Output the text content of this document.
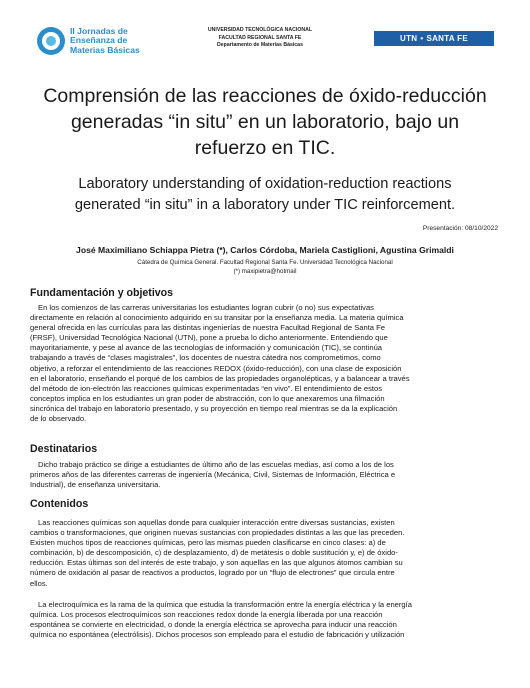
II Jornadas de
Enseñanza de
Materias Básicas
UNIVERSIDAD TECNOLÓGICA NACIONAL
FACULTAD REGIONAL SANTA FE
Departamento de Materias Básicas
UTN • SANTA FE
Comprensión de las reacciones de óxido-reducción
generadas “in situ” en un laboratorio, bajo un
refuerzo en TIC.
Laboratory understanding of oxidation-reduction reactions
generated “in situ” in a laboratory under TIC reinforcement.
Presentación: 08/10/2022
José Maximiliano Schiappa Pietra (*), Carlos Córdoba, Mariela Castiglioni, Agustina Grimaldi
Cátedra de Química General. Facultad Regional Santa Fe. Universidad Tecnológica Nacional
(*) maxipietra@hotmail
Fundamentación y objetivos
En los comienzos de las carreras universitarias los estudiantes logran cubrir (o no) sus expectativas
directamente en relación al conocimiento adquirido en su transitar por la enseñanza media. La materia química
general ofrecida en las currículas para las distintas ingenierías de nuestra Facultad Regional de Santa Fe
(FRSF), Universidad Tecnológica Nacional (UTN), pone a prueba lo dicho anteriormente. Entendiendo que
mayoritariamente, y pese al avance de las tecnologías de información y comunicación (TIC), se continúa
trabajando a través de “clases magistrales”, los docentes de nuestra cátedra nos comprometimos, como
objetivo, a reforzar el entendimiento de las reacciones REDOX (óxido-reducción), con una clase de exposición
en el laboratorio, enseñando el porqué de los cambios de las propiedades organolépticas, y a balancear a través
del método de ion-electrón las reacciones químicas experimentadas “en vivo”. El entendimiento de estos
conceptos implica en los estudiantes un gran poder de abstracción, con lo que anexaremos una filmación
sincrónica del trabajo en laboratorio presentado, y su proyección en tiempo real mientras se da la explicación
de lo observado.
Destinatarios
Dicho trabajo práctico se dirige a estudiantes de último año de las escuelas medias, así como a los de los
primeros años de las diferentes carreras de ingeniería (Mecánica, Civil, Sistemas de Información, Eléctrica e
Industrial), de enseñanza universitaria.
Contenidos
Las reacciones químicas son aquellas donde para cualquier interacción entre diversas sustancias, existen
cambios o transformaciones, que originen nuevas sustancias con propiedades distintas a las que las preceden.
Existen muchos tipos de reacciones químicas, pero las mismas pueden clasificarse en cinco clases: a) de
combinación, b) de descomposición, c) de desplazamiento, d) de metátesis o doble sustitución y, e) de óxido-
reducción. Estas últimas son del interés de este trabajo, y son aquellas en las que algunos átomos cambian su
número de oxidación al pasar de reactivos a productos, logrado por un “flujo de electrones” que circula entre
ellos.
La electroquímica es la rama de la química que estudia la transformación entre la energía eléctrica y la energía
química. Los procesos electroquímicos son reacciones redox donde la energía liberada por una reacción
espontánea se convierte en electricidad, o donde la energía eléctrica se aprovecha para inducir una reacción
química no espontánea (electrólisis). Dichos procesos son empleado para el estudio de fabricación y utilización
